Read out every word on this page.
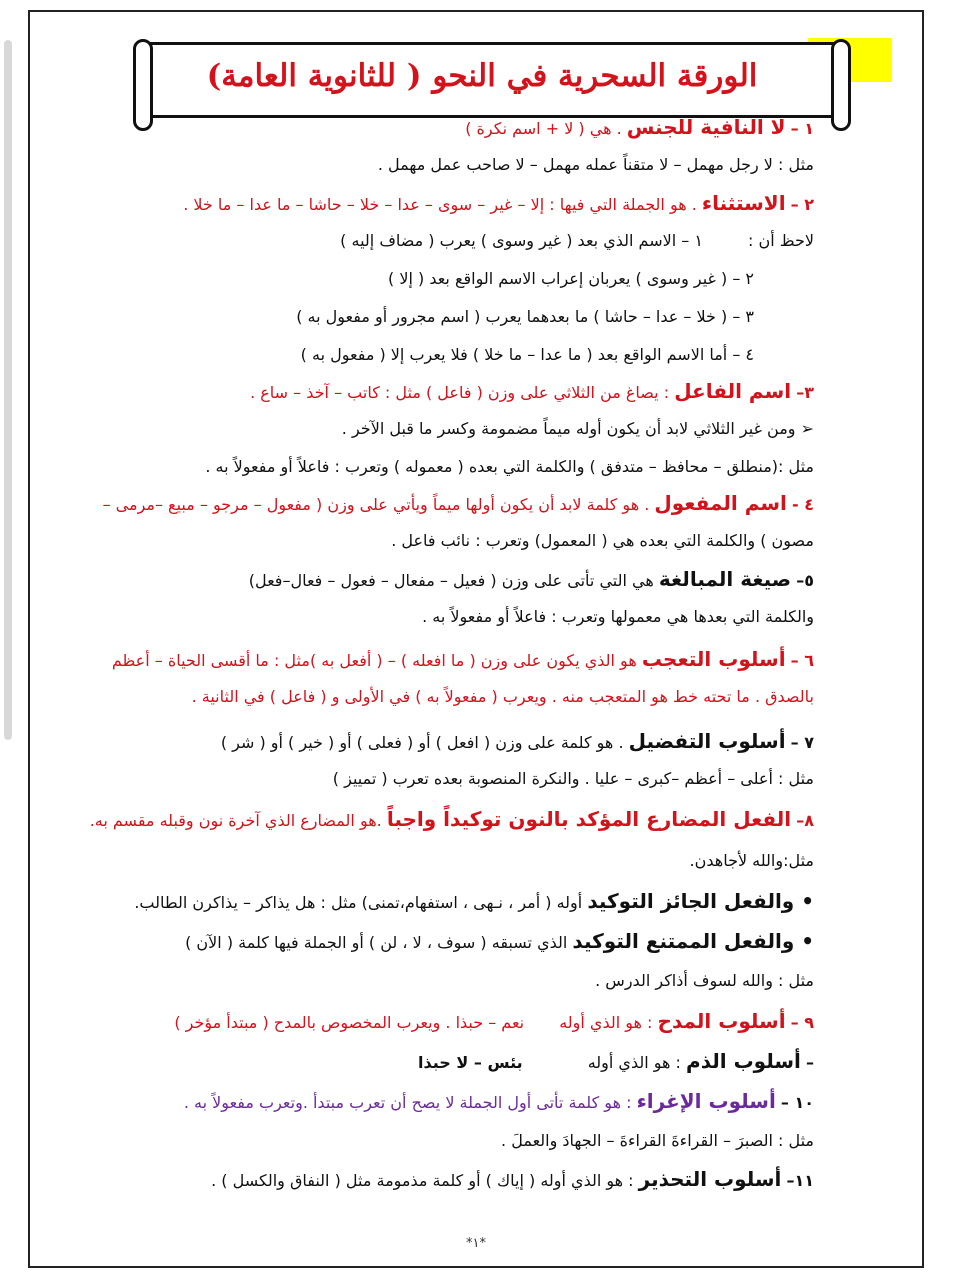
الورقة السحرية في النحو ( للثانوية العامة)
١ – لا النافية للجنس . هي ( لا + اسم نكرة )
مثل : لا رجل مهمل – لا متقناً عمله مهمل – لا صاحب عمل مهمل .
٢ – الاستثناء . هو الجملة التي فيها : إلا – غير – سوى – عدا – خلا – حاشا – ما عدا – ما خلا .
لاحظ أن : ١ – الاسم الذي بعد ( غير وسوى ) يعرب ( مضاف إليه )
٢ – ( غير وسوى ) يعربان إعراب الاسم الواقع بعد ( إلا )
٣ – ( خلا – عدا – حاشا ) ما بعدهما يعرب ( اسم مجرور أو مفعول به )
٤ – أما الاسم الواقع بعد ( ما عدا – ما خلا ) فلا يعرب إلا ( مفعول به )
٣– اسم الفاعل : يصاغ من الثلاثي على وزن ( فاعل ) مثل : كاتب – آخذ – ساع .
➢ ومن غير الثلاثي لابد أن يكون أوله ميماً مضمومة وكسر ما قبل الآخر .
مثل :(منطلق – محافظ – متدفق ) والكلمة التي بعده ( معموله ) وتعرب : فاعلاً أو مفعولاً به .
٤ - اسم المفعول . هو كلمة لابد أن يكون أولها ميماً ويأتي على وزن ( مفعول – مرجو – مبيع –مرمى –
مصون ) والكلمة التي بعده هي ( المعمول) وتعرب : نائب فاعل .
٥– صيغة المبالغة هي التي تأتى على وزن ( فعيل – مفعال – فعول – فعال–فعل)
والكلمة التي بعدها هي معمولها وتعرب : فاعلاً أو مفعولاً به .
٦ – أسلوب التعجب هو الذي يكون على وزن ( ما افعله ) – ( أفعل به )مثل : ما أقسى الحياة – أعظم
بالصدق . ما تحته خط هو المتعجب منه . ويعرب ( مفعولاً به ) في الأولى و ( فاعل ) في الثانية .
٧ – أسلوب التفضيل . هو كلمة على وزن ( افعل ) أو ( فعلى ) أو ( خير ) أو ( شر )
مثل : أعلى – أعظم –كبرى – عليا . والنكرة المنصوبة بعده تعرب ( تمييز )
٨– الفعل المضارع المؤكد بالنون توكيداً واجباً .هو المضارع الذي آخرة نون وقبله مقسم به.
مثل:والله لأجاهدن.
• والفعل الجائز التوكيد أوله ( أمر ، نـهى ، استفهام،تمنى) مثل : هل يذاكر – يذاكرن الطالب.
• والفعل الممتنع التوكيد الذي تسبقه ( سوف ، لا ، لن ) أو الجملة فيها كلمة ( الآن )
مثل : والله لسوف أذاكر الدرس .
٩ – أسلوب المدح : هو الذي أوله نعم – حبذا . ويعرب المخصوص بالمدح ( مبتدأ مؤخر )
– أسلوب الذم : هو الذي أوله بئس – لا حبذا
١٠ – أسلوب الإغراء : هو كلمة تأتى أول الجملة لا يصح أن تعرب مبتدأ .وتعرب مفعولاً به .
مثل : الصبرَ – القراءةَ القراءةَ – الجهادَ والعملَ .
١١– أسلوب التحذير : هو الذي أوله ( إياك ) أو كلمة مذمومة مثل ( النفاق والكسل ) .
*١*
